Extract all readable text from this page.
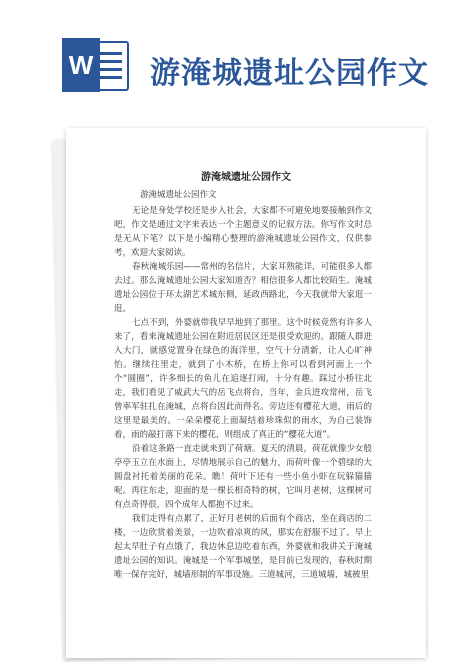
W 游淹城遗址公园作文
游淹城遗址公园作文
游淹城遗址公园作文

无论是身处学校还是步入社会，大家都不可避免地要接触到作文吧，作文是通过文字来表达一个主题意义的记叙方法。你写作文时总是无从下笔？以下是小编精心整理的游淹城遗址公园作文，仅供参考，欢迎大家阅读。

春秋淹城乐园——常州的名信片，大家耳熟能详，可能很多人都去过。那么淹城遗址公园大家知道否？相信很多人都比较陌生。淹城遗址公园位于环太湖艺术城东侧，延政西路北，今天我就带大家逛一逛。

七点不到，外婆就带我早早地到了那里。这个时候竟然有许多人来了，看来淹城遗址公园在附近居民区还是很受欢迎的。跟随人群进入大门，就感觉置身在绿色的海洋里，空气十分清新，让人心旷神怡。继续往里走，就到了小木桥，在桥上你可以看到河面上一个个“圆圈”，许多细长的鱼儿在追逐打闹，十分有趣。踩过小桥往北走，我们看见了威武大气的岳飞点将台，当年，金兵进攻常州，岳飞曾率军驻扎在淹城，点将台因此而得名。旁边还有樱花大道，雨后的这里是最美的。一朵朵樱花上面凝结着珍珠似的雨水，为自己装饰着，雨的敲打落下来的樱花，则组成了真正的“樱花大道”。

沿着这条路一直走就来到了荷塘。夏天的清晨，荷花就像少女般亭亭玉立在水面上，尽情地展示自己的魅力，而荷叶像一个碧绿的大圆盘衬托着美丽的花朵。瞧！荷叶下还有一些小鱼小虾在玩躲猫猫呢。再往东走，迎面的是一棵长相奇特的树，它叫月老树，这棵树可有点奇得很，四个成年人都抱不过来。

我们走得有点累了，正好月老树的后面有个商店，坐在商店的二楼，一边欣赏着美景，一边吹着凉爽的风，那实在舒服不过了。早上起太早肚子有点饿了，我边休息边吃着东西，外婆就和我讲关于淹城遗址公园的知识。淹城是一个军事城堡，是目前已发现的，春秋时期唯一保存完好，城墙形制的军事设施。三道城河，三道城墙，城被里
